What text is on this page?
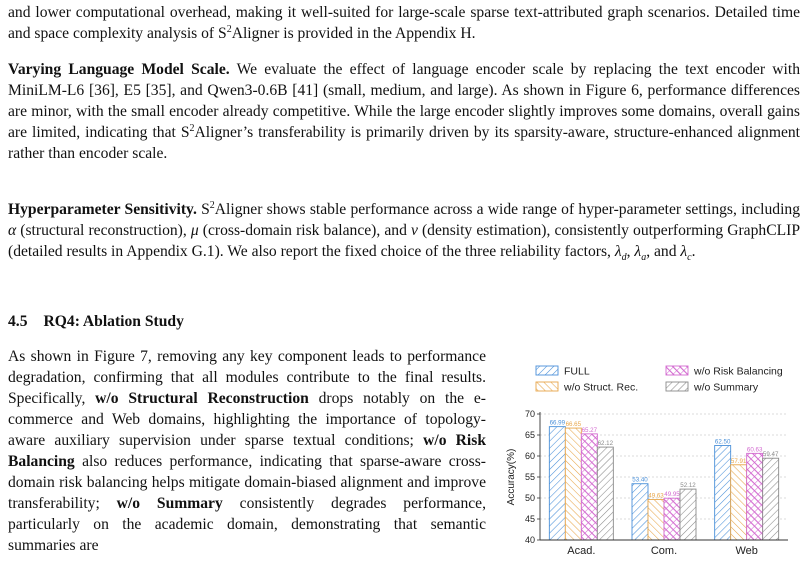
and lower computational overhead, making it well-suited for large-scale sparse text-attributed graph scenarios. Detailed time and space complexity analysis of $S^2Aligner$ is provided in the Appendix H.
Varying Language Model Scale. We evaluate the effect of language encoder scale by replacing the text encoder with MiniLM-L6 [36], E5 [35], and Qwen3-0.6B [41] (small, medium, and large). As shown in Figure 6, performance differences are minor, with the small encoder already competitive. While the large encoder slightly improves some domains, overall gains are limited, indicating that $S^2Aligner’s$ transferability is primarily driven by its sparsity-aware, structure-enhanced alignment rather than encoder scale.
Hyperparameter Sensitivity. $S^2Aligner$ shows stable performance across a wide range of hyper-parameter settings, including α (structural reconstruction), μ (cross-domain risk balance), and ν (density estimation), consistently outperforming GraphCLIP (detailed results in Appendix G.1). We also report the fixed choice of the three reliability factors, $\lambda_d$, $\lambda_a$, and $\lambda_c$.
4.5 RQ4: Ablation Study
As shown in Figure 7, removing any key component leads to performance degradation, confirming that all modules contribute to the final results. Specifically, w/o Structural Reconstruction drops notably on the e-commerce and Web domains, highlighting the importance of topology-aware auxiliary supervision under sparse textual conditions; w/o Risk Balancing also reduces performance, indicating that sparse-aware cross-domain risk balancing helps mitigate domain-biased alignment and improve transferability; w/o Summary consistently degrades performance, particularly on the academic domain, demonstrating that semantic summaries are
FULL	w/o Risk Balancing
w/o Struct. Rec.	w/o Summary
66.99 66.65
65.27
62.12
53.40
49.63 49.95
52.12
62.50
57.91
60.63
59.47
40
45
50
55
60
65
70
Accuracy(%)
Acad.	Com.	Web
